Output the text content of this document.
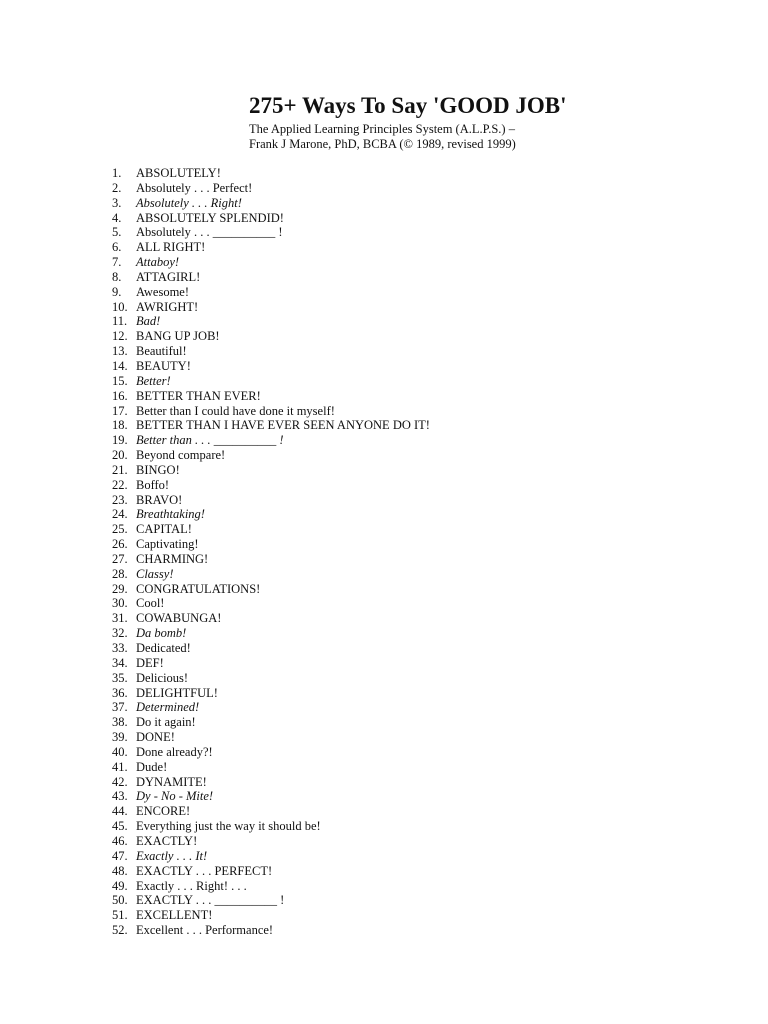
275+ Ways To Say 'GOOD JOB'
The Applied Learning Principles System (A.L.P.S.) –
Frank J Marone, PhD, BCBA (© 1989, revised 1999)
1.	ABSOLUTELY!
2.	Absolutely . . . Perfect!
3.	Absolutely . . . Right!
4.	ABSOLUTELY SPLENDID!
5.	Absolutely . . . __________ !
6.	ALL RIGHT!
7.	Attaboy!
8.	ATTAGIRL!
9.	Awesome!
10. AWRIGHT!
11. Bad!
12. BANG UP JOB!
13. Beautiful!
14. BEAUTY!
15. Better!
16. BETTER THAN EVER!
17. Better than I could have done it myself!
18. BETTER THAN I HAVE EVER SEEN ANYONE DO IT!
19. Better than . . . __________ !
20. Beyond compare!
21. BINGO!
22. Boffo!
23. BRAVO!
24. Breathtaking!
25. CAPITAL!
26. Captivating!
27. CHARMING!
28. Classy!
29. CONGRATULATIONS!
30. Cool!
31. COWABUNGA!
32. Da bomb!
33. Dedicated!
34. DEF!
35. Delicious!
36. DELIGHTFUL!
37. Determined!
38. Do it again!
39. DONE!
40. Done already?!
41. Dude!
42. DYNAMITE!
43. Dy - No - Mite!
44. ENCORE!
45. Everything just the way it should be!
46. EXACTLY!
47. Exactly . . . It!
48. EXACTLY . . . PERFECT!
49. Exactly . . . Right! . . .
50. EXACTLY . . . __________ !
51. EXCELLENT!
52. Excellent . . . Performance!
